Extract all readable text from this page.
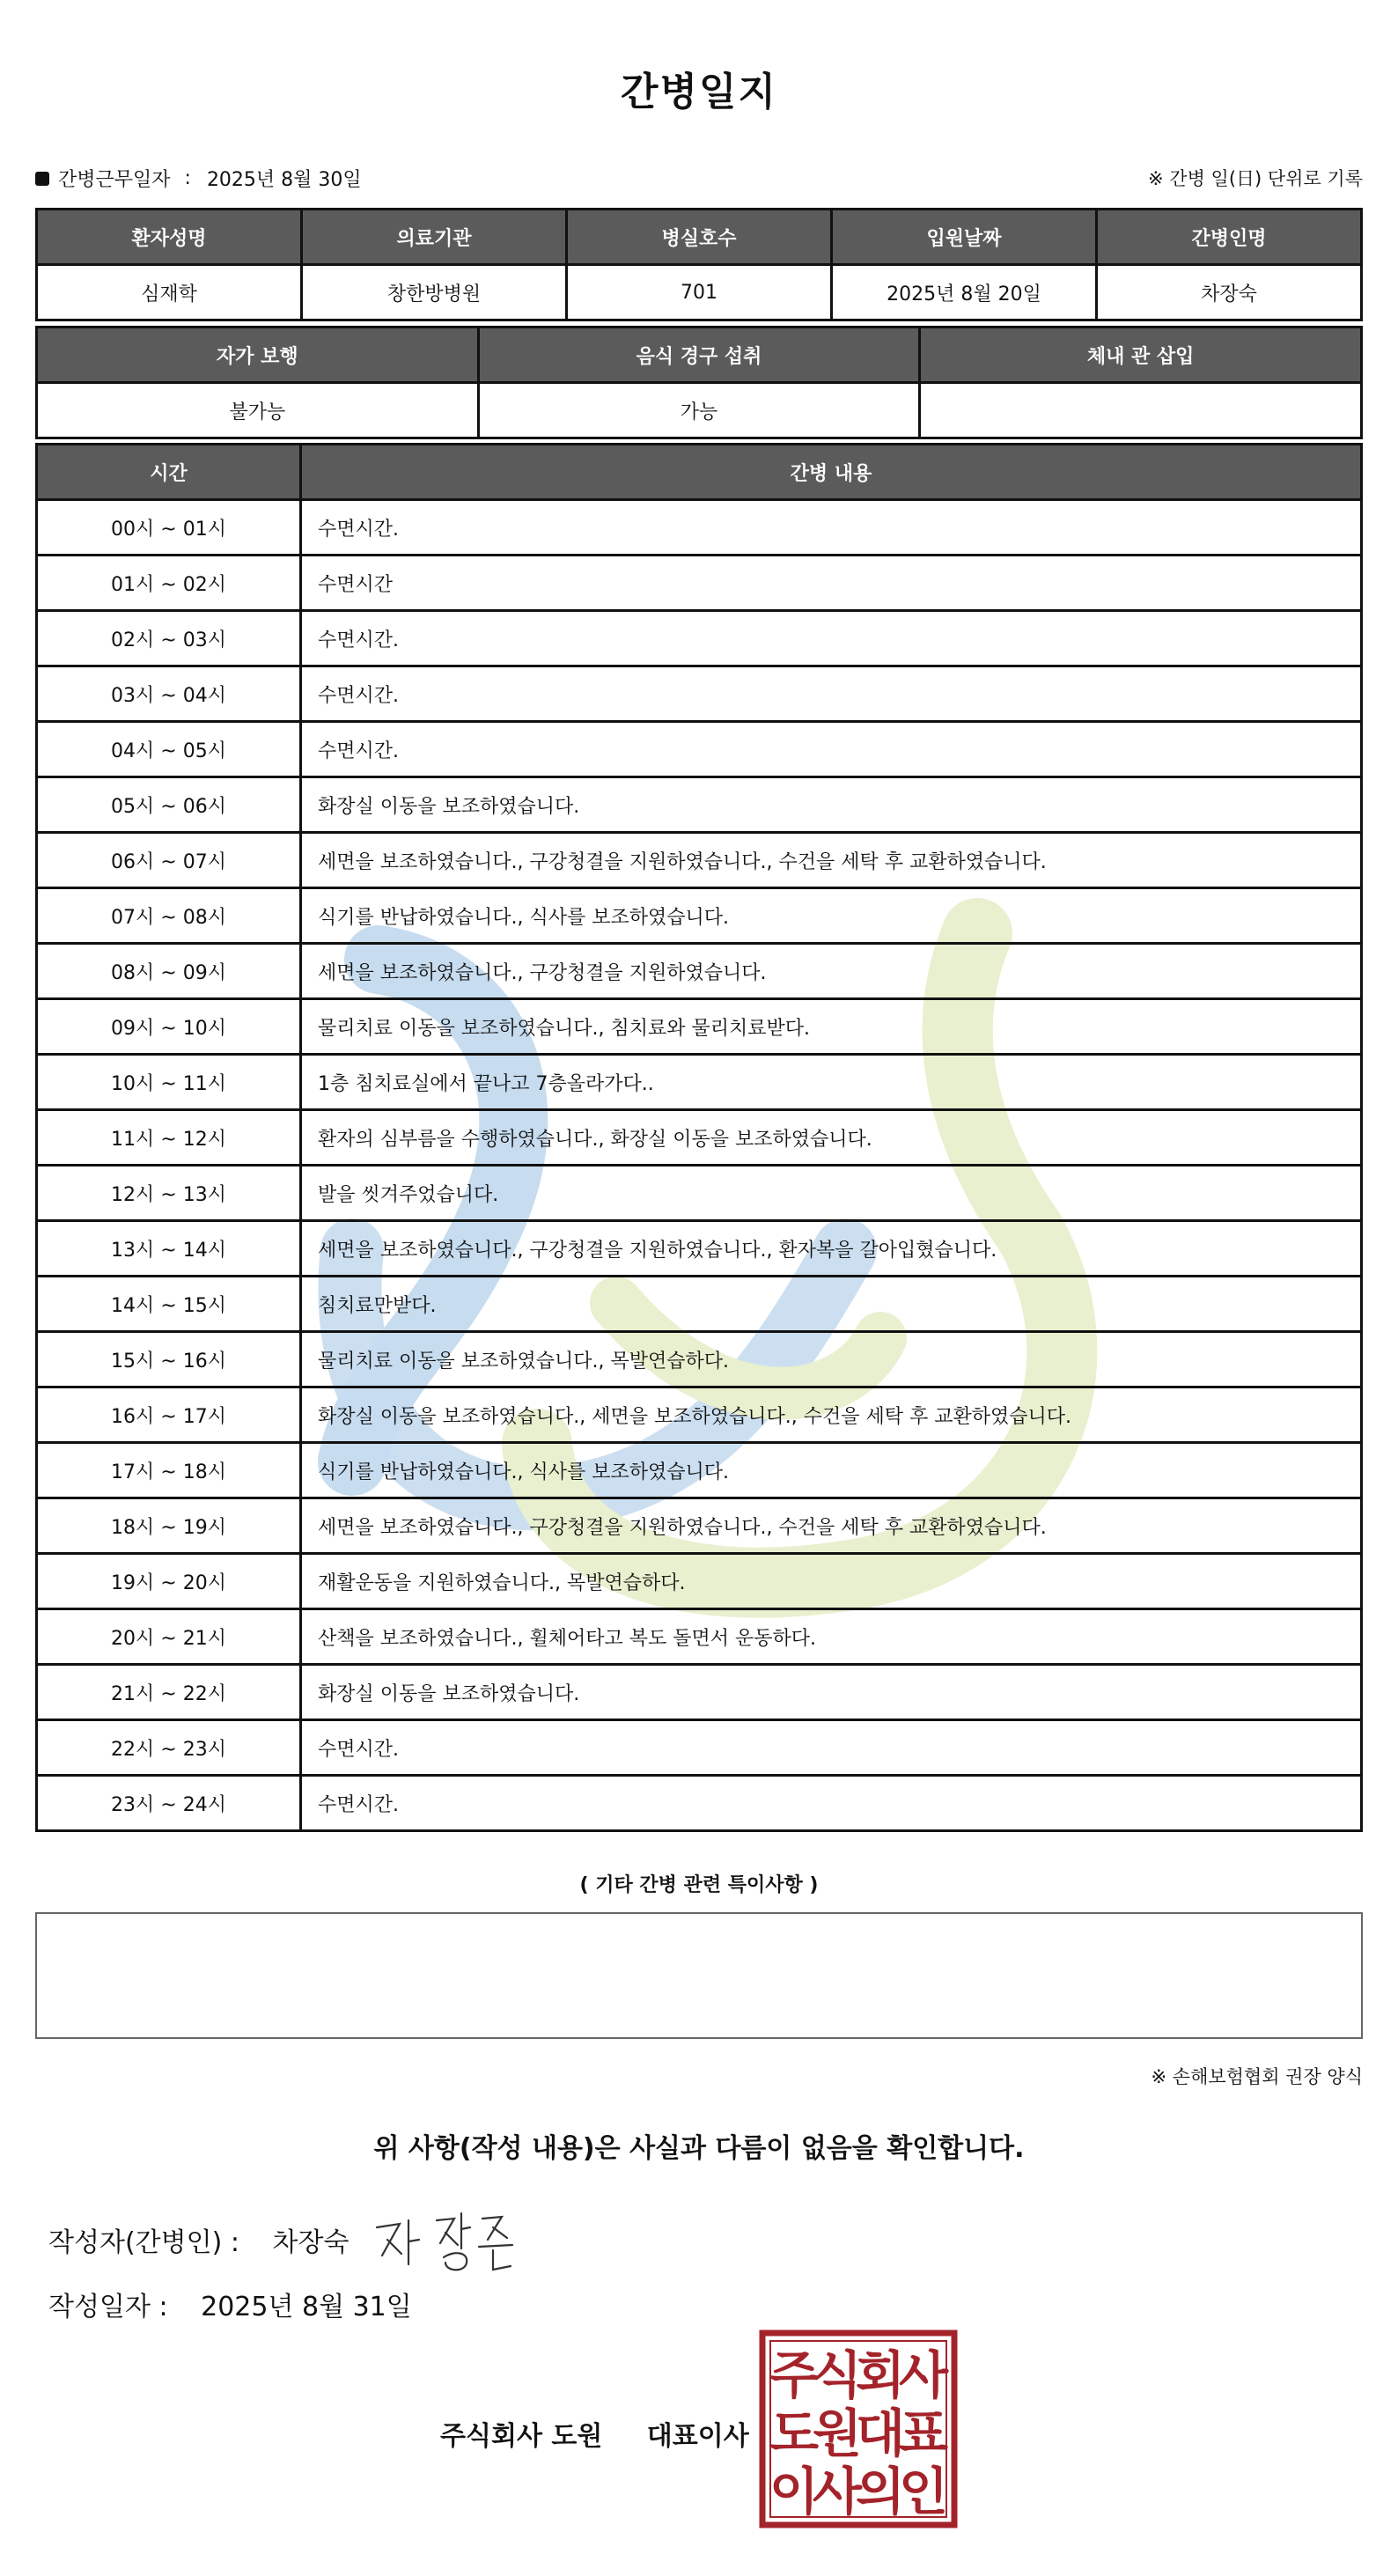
간병일지
간병근무일자 : 2025년 8월 30일	※ 간병 일(日) 단위로 기록
환자성명	의료기관	병실호수	입원날짜	간병인명
심재학	창한방병원	701	2025년 8월 20일	차장숙
자가 보행	음식 경구 섭취	체내 관 삽입
불가능	가능	
시간	간병 내용
00시 ~ 01시	수면시간.
01시 ~ 02시	수면시간
02시 ~ 03시	수면시간.
03시 ~ 04시	수면시간.
04시 ~ 05시	수면시간.
05시 ~ 06시	화장실 이동을 보조하였습니다.
06시 ~ 07시	세면을 보조하였습니다., 구강청결을 지원하였습니다., 수건을 세탁 후 교환하였습니다.
07시 ~ 08시	식기를 반납하였습니다., 식사를 보조하였습니다.
08시 ~ 09시	세면을 보조하였습니다., 구강청결을 지원하였습니다.
09시 ~ 10시	물리치료 이동을 보조하였습니다., 침치료와 물리치료받다.
10시 ~ 11시	1층 침치료실에서 끝나고 7층올라가다..
11시 ~ 12시	환자의 심부름을 수행하였습니다., 화장실 이동을 보조하였습니다.
12시 ~ 13시	발을 씻겨주었습니다.
13시 ~ 14시	세면을 보조하였습니다., 구강청결을 지원하였습니다., 환자복을 갈아입혔습니다.
14시 ~ 15시	침치료만받다.
15시 ~ 16시	물리치료 이동을 보조하였습니다., 목발연습하다.
16시 ~ 17시	화장실 이동을 보조하였습니다., 세면을 보조하였습니다., 수건을 세탁 후 교환하였습니다.
17시 ~ 18시	식기를 반납하였습니다., 식사를 보조하였습니다.
18시 ~ 19시	세면을 보조하였습니다., 구강청결을 지원하였습니다., 수건을 세탁 후 교환하였습니다.
19시 ~ 20시	재활운동을 지원하였습니다., 목발연습하다.
20시 ~ 21시	산책을 보조하였습니다., 휠체어타고 복도 돌면서 운동하다.
21시 ~ 22시	화장실 이동을 보조하였습니다.
22시 ~ 23시	수면시간.
23시 ~ 24시	수면시간.
( 기타 간병 관련 특이사항 )
※ 손해보험협회 권장 양식
위 사항(작성 내용)은 사실과 다름이 없음을 확인합니다.
작성자(간병인) : 차장숙
작성일자 : 2025년 8월 31일
주식회사 도원 대표이사
주
식
회
사
도
원
대
표
이
사
의
인
